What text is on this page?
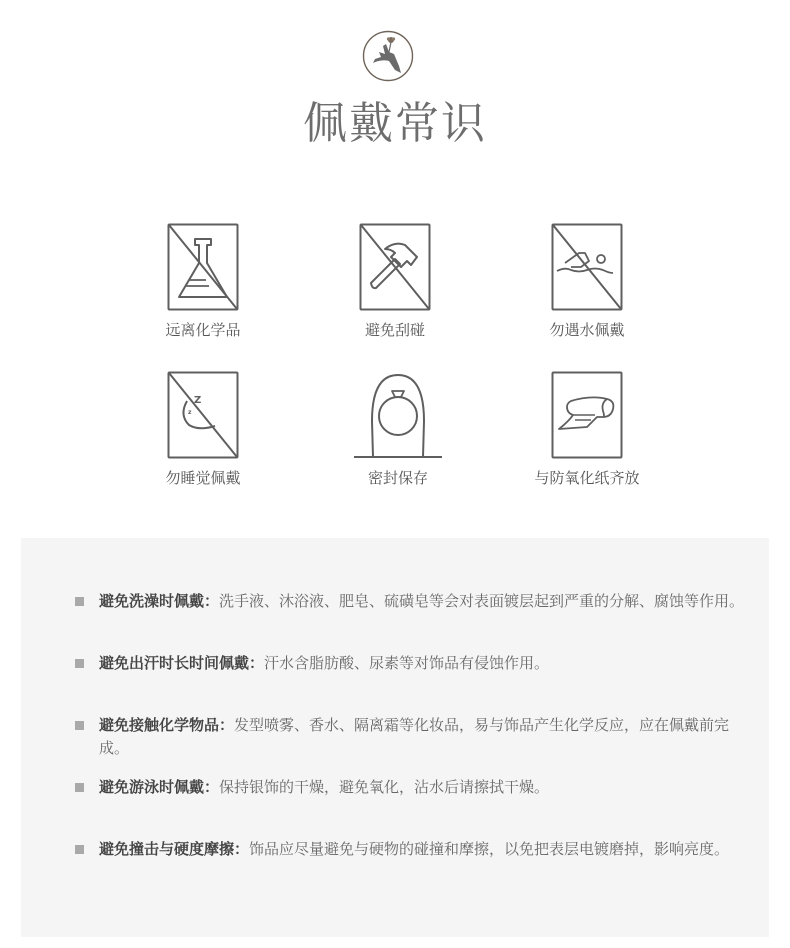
佩戴常识
远离化学品	避免刮碰	勿遇水佩戴
Z
z
勿睡觉佩戴	密封保存	与防氧化纸齐放
避免洗澡时佩戴：洗手液、沐浴液、肥皂、硫磺皂等会对表面镀层起到严重的分解、腐蚀等作用。
避免出汗时长时间佩戴：汗水含脂肪酸、尿素等对饰品有侵蚀作用。
避免接触化学物品：发型喷雾、香水、隔离霜等化妆品，易与饰品产生化学反应，应在佩戴前完成。
避免游泳时佩戴：保持银饰的干燥，避免氧化，沾水后请擦拭干燥。
避免撞击与硬度摩擦：饰品应尽量避免与硬物的碰撞和摩擦，以免把表层电镀磨掉，影响亮度。
